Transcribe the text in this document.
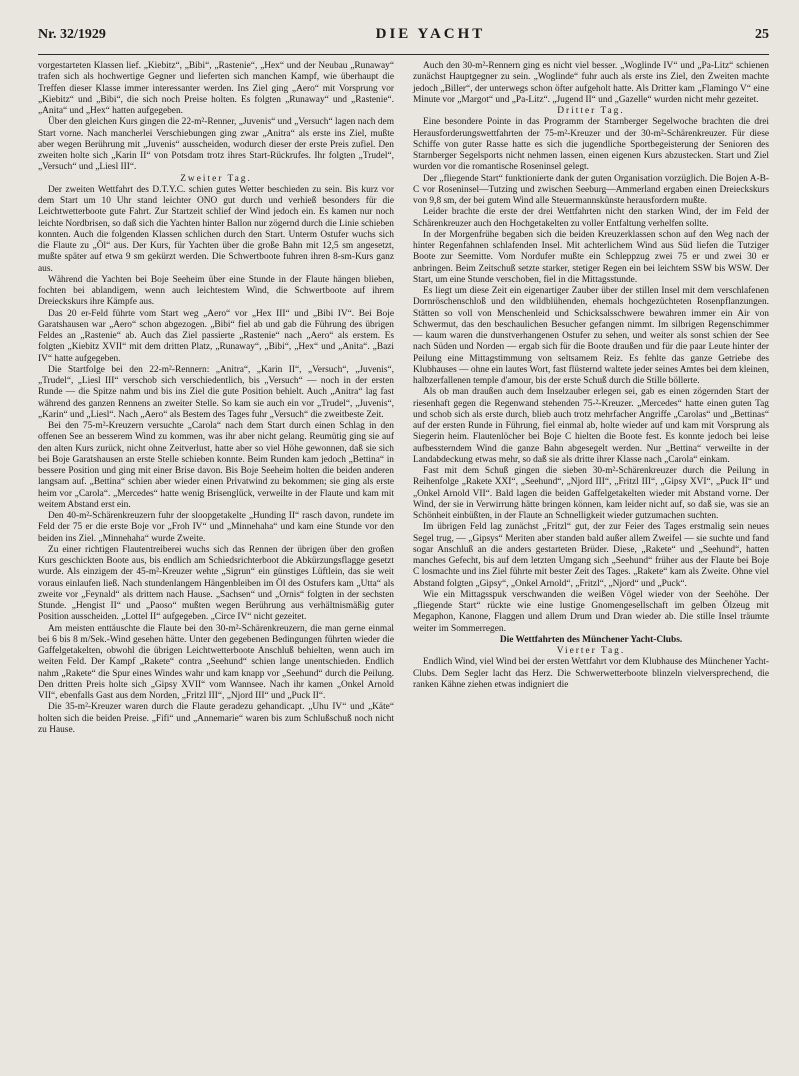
Nr. 32/1929	DIE YACHT	25

vorgestarteten Klassen lief. „Kiebitz“, „Bibi“, „Rastenie“, „Hex“ und der Neubau „Runaway“ trafen sich als hochwertige Gegner und lieferten sich manchen Kampf, wie überhaupt die Treffen dieser Klasse immer interessanter werden. Ins Ziel ging „Aero“ mit Vorsprung vor „Kiebitz“ und „Bibi“, die sich noch Preise holten. Es folgten „Runaway“ und „Rastenie“. „Anita“ und „Hex“ hatten aufgegeben.

Über den gleichen Kurs gingen die 22-m²-Renner, „Juvenis“ und „Versuch“ lagen nach dem Start vorne. Nach mancherlei Verschiebungen ging zwar „Anitra“ als erste ins Ziel, mußte aber wegen Berührung mit „Juvenis“ ausscheiden, wodurch dieser der erste Preis zufiel. Den zweiten holte sich „Karin II“ von Potsdam trotz ihres Start-Rückrufes. Ihr folgten „Trudel“, „Versuch“ und „Liesl III“.

Zweiter Tag.

Der zweiten Wettfahrt des D.T.Y.C. schien gutes Wetter beschieden zu sein. Bis kurz vor dem Start um 10 Uhr stand leichter ONO gut durch und verhieß besonders für die Leichtwetterboote gute Fahrt. Zur Startzeit schlief der Wind jedoch ein. Es kamen nur noch leichte Nordbrisen, so daß sich die Yachten hinter Ballon nur zögernd durch die Linie schieben konnten. Auch die folgenden Klassen schlichen durch den Start. Unterm Ostufer wuchs sich die Flaute zu „Öl“ aus. Der Kurs, für Yachten über die große Bahn mit 12,5 sm angesetzt, mußte später auf etwa 9 sm gekürzt werden. Die Schwertboote fuhren ihren 8-sm-Kurs ganz aus.

Während die Yachten bei Boje Seeheim über eine Stunde in der Flaute hängen blieben, fochten bei ablandigem, wenn auch leichtestem Wind, die Schwertboote auf ihrem Dreieckskurs ihre Kämpfe aus.

Das 20 er-Feld führte vom Start weg „Aero“ vor „Hex III“ und „Bibi IV“. Bei Boje Garatshausen war „Aero“ schon abgezogen. „Bibi“ fiel ab und gab die Führung des übrigen Feldes an „Rastenie“ ab. Auch das Ziel passierte „Rastenie“ nach „Aero“ als erstem. Es folgten „Kiebitz XVII“ mit dem dritten Platz, „Runaway“, „Bibi“, „Hex“ und „Anita“. „Bazi IV“ hatte aufgegeben.

Die Startfolge bei den 22-m²-Rennern: „Anitra“, „Karin II“, „Versuch“, „Juvenis“, „Trudel“, „Liesl III“ verschob sich verschiedentlich, bis „Versuch“ — noch in der ersten Runde — die Spitze nahm und bis ins Ziel die gute Position behielt. Auch „Anitra“ lag fast während des ganzen Rennens an zweiter Stelle. So kam sie auch ein vor „Trudel“, „Juvenis“, „Karin“ und „Liesl“. Nach „Aero“ als Bestem des Tages fuhr „Versuch“ die zweitbeste Zeit.

Bei den 75-m²-Kreuzern versuchte „Carola“ nach dem Start durch einen Schlag in den offenen See an besserem Wind zu kommen, was ihr aber nicht gelang. Reumütig ging sie auf den alten Kurs zurück, nicht ohne Zeitverlust, hatte aber so viel Höhe gewonnen, daß sie sich bei Boje Garatshausen an erste Stelle schieben konnte. Beim Runden kam jedoch „Bettina“ in bessere Position und ging mit einer Brise davon. Bis Boje Seeheim holten die beiden anderen langsam auf. „Bettina“ schien aber wieder einen Privatwind zu bekommen; sie ging als erste heim vor „Carola“. „Mercedes“ hatte wenig Brisenglück, verweilte in der Flaute und kam mit weitem Abstand erst ein.

Den 40-m²-Schärenkreuzern fuhr der sloopgetakelte „Hunding II“ rasch davon, rundete im Feld der 75 er die erste Boje vor „Froh IV“ und „Minnehaha“ und kam eine Stunde vor den beiden ins Ziel. „Minnehaha“ wurde Zweite.

Zu einer richtigen Flautentreiberei wuchs sich das Rennen der übrigen über den großen Kurs geschickten Boote aus, bis endlich am Schiedsrichterboot die Abkürzungsflagge gesetzt wurde. Als einzigem der 45-m²-Kreuzer wehte „Sigrun“ ein günstiges Lüftlein, das sie weit voraus einlaufen ließ. Nach stundenlangem Hängenbleiben im Öl des Ostufers kam „Utta“ als zweite vor „Feynald“ als drittem nach Hause. „Sachsen“ und „Ornis“ folgten in der sechsten Stunde. „Hengist II“ und „Paoso“ mußten wegen Berührung aus verhältnismäßig guter Position ausscheiden. „Lottel II“ aufgegeben. „Circe IV“ nicht gezeitet.

Am meisten enttäuschte die Flaute bei den 30-m²-Schärenkreuzern, die man gerne einmal bei 6 bis 8 m/Sek.-Wind gesehen hätte. Unter den gegebenen Bedingungen führten wieder die Gaffelgetakelten, obwohl die übrigen Leichtwetterboote Anschluß behielten, wenn auch im weiten Feld. Der Kampf „Rakete“ contra „Seehund“ schien lange unentschieden. Endlich nahm „Rakete“ die Spur eines Windes wahr und kam knapp vor „Seehund“ durch die Peilung. Den dritten Preis holte sich „Gipsy XVII“ vom Wannsee. Nach ihr kamen „Onkel Arnold VII“, ebenfalls Gast aus dem Norden, „Fritzl III“, „Njord III“ und „Puck II“.

Die 35-m²-Kreuzer waren durch die Flaute geradezu gehandicapt. „Uhu IV“ und „Käte“ holten sich die beiden Preise. „Fifi“ und „Annemarie“ waren bis zum Schlußschuß noch nicht zu Hause.

Auch den 30-m²-Rennern ging es nicht viel besser. „Woglinde IV“ und „Pa-Litz“ schienen zunächst Hauptgegner zu sein. „Woglinde“ fuhr auch als erste ins Ziel, den Zweiten machte jedoch „Biller“, der unterwegs schon öfter aufgeholt hatte. Als Dritter kam „Flamingo V“ eine Minute vor „Margot“ und „Pa-Litz“. „Jugend II“ und „Gazelle“ wurden nicht mehr gezeitet.

Dritter Tag.

Eine besondere Pointe in das Programm der Starnberger Segelwoche brachten die drei Herausforderungswettfahrten der 75-m²-Kreuzer und der 30-m²-Schärenkreuzer. Für diese Schiffe von guter Rasse hatte es sich die jugendliche Sportbegeisterung der Senioren des Starnberger Segelsports nicht nehmen lassen, einen eigenen Kurs abzustecken. Start und Ziel wurden vor die romantische Roseninsel gelegt.

Der „fliegende Start“ funktionierte dank der guten Organisation vorzüglich. Die Bojen A-B-C vor Roseninsel—Tutzing und zwischen Seeburg—Ammerland ergaben einen Dreieckskurs von 9,8 sm, der bei gutem Wind alle Steuermannskünste herausfordern mußte.

Leider brachte die erste der drei Wettfahrten nicht den starken Wind, der im Feld der Schärenkreuzer auch den Hochgetakelten zu voller Entfaltung verhelfen sollte.

In der Morgenfrühe begaben sich die beiden Kreuzerklassen schon auf den Weg nach der hinter Regenfahnen schlafenden Insel. Mit achterlichem Wind aus Süd liefen die Tutziger Boote zur Seemitte. Vom Nordufer mußte ein Schleppzug zwei 75 er und zwei 30 er anbringen. Beim Zeitschuß setzte starker, stetiger Regen ein bei leichtem SSW bis WSW. Der Start, um eine Stunde verschoben, fiel in die Mittagsstunde.

Es liegt um diese Zeit ein eigenartiger Zauber über der stillen Insel mit dem verschlafenen Dornröschenschloß und den wildblühenden, ehemals hochgezüchteten Rosenpflanzungen. Stätten so voll von Menschenleid und Schicksalsschwere bewahren immer ein Air von Schwermut, das den beschaulichen Besucher gefangen nimmt. Im silbrigen Regenschimmer — kaum waren die dunstverhangenen Ostufer zu sehen, und weiter als sonst schien der See nach Süden und Norden — ergab sich für die Boote draußen und für die paar Leute hinter der Peilung eine Mittagstimmung von seltsamem Reiz. Es fehlte das ganze Getriebe des Klubhauses — ohne ein lautes Wort, fast flüsternd waltete jeder seines Amtes bei dem kleinen, halbzerfallenen temple d'amour, bis der erste Schuß durch die Stille böllerte.

Als ob man draußen auch dem Inselzauber erlegen sei, gab es einen zögernden Start der riesenhaft gegen die Regenwand stehenden 75-²-Kreuzer. „Mercedes“ hatte einen guten Tag und schob sich als erste durch, blieb auch trotz mehrfacher Angriffe „Carolas“ und „Bettinas“ auf der ersten Runde in Führung, fiel einmal ab, holte wieder auf und kam mit Vorsprung als Siegerin heim. Flautenlöcher bei Boje C hielten die Boote fest. Es konnte jedoch bei leise aufbessterndem Wind die ganze Bahn abgesegelt werden. Nur „Bettina“ verweilte in der Landabdeckung etwas mehr, so daß sie als dritte ihrer Klasse nach „Carola“ einkam.

Fast mit dem Schuß gingen die sieben 30-m²-Schärenkreuzer durch die Peilung in Reihenfolge „Rakete XXI“, „Seehund“, „Njord III“, „Fritzl III“, „Gipsy XVI“, „Puck II“ und „Onkel Arnold VII“. Bald lagen die beiden Gaffelgetakelten wieder mit Abstand vorne. Der Wind, der sie in Verwirrung hätte bringen können, kam leider nicht auf, so daß sie, was sie an Schönheit einbüßten, in der Flaute an Schnelligkeit wieder gutzumachen suchten.

Im übrigen Feld lag zunächst „Fritzl“ gut, der zur Feier des Tages erstmalig sein neues Segel trug, — „Gipsys“ Meriten aber standen bald außer allem Zweifel — sie suchte und fand sogar Anschluß an die anders gestarteten Brüder. Diese, „Rakete“ und „Seehund“, hatten manches Gefecht, bis auf dem letzten Umgang sich „Seehund“ früher aus der Flaute bei Boje C losmachte und ins Ziel führte mit bester Zeit des Tages. „Rakete“ kam als Zweite. Ohne viel Abstand folgten „Gipsy“, „Onkel Arnold“, „Fritzl“, „Njord“ und „Puck“.

Wie ein Mittagsspuk verschwanden die weißen Vögel wieder von der Seehöhe. Der „fliegende Start“ rückte wie eine lustige Gnomengesellschaft im gelben Ölzeug mit Megaphon, Kanone, Flaggen und allem Drum und Dran wieder ab. Die stille Insel träumte weiter im Sommerregen.

Die Wettfahrten des Münchener Yacht-Clubs.

Vierter Tag.

Endlich Wind, viel Wind bei der ersten Wettfahrt vor dem Klubhause des Münchener Yacht-Clubs. Dem Segler lacht das Herz. Die Schwerwetterboote blinzeln vielversprechend, die ranken Kähne ziehen etwas indigniert die
